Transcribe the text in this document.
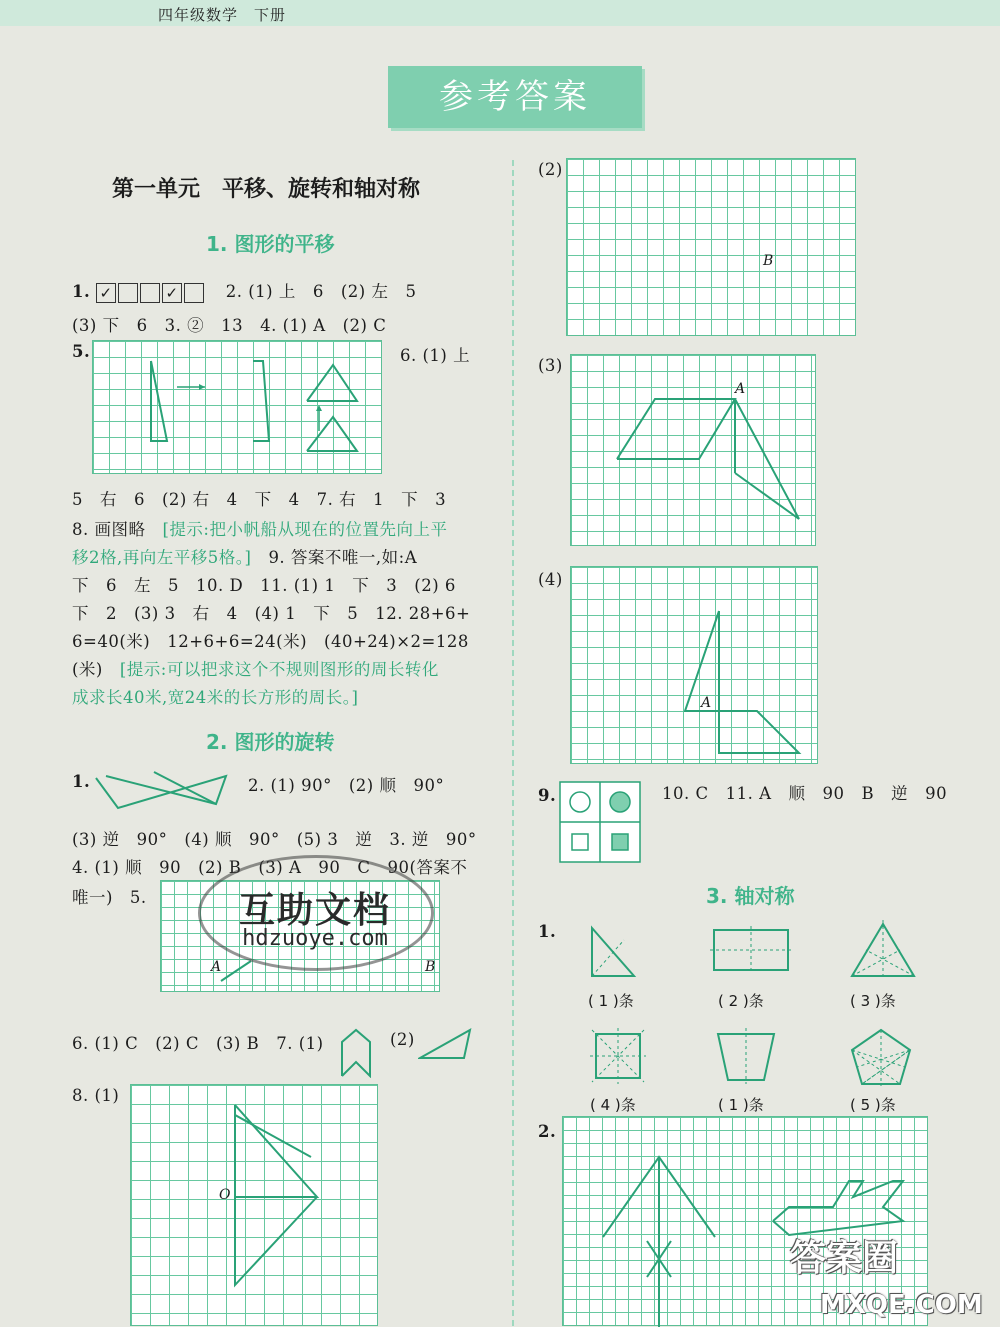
四年级数学　下册
参考答案
第一单元　平移、旋转和轴对称
1. 图形的平移
1. ✓	✓	2. (1) 上　6　(2) 左　5
(3) 下　6　3. ②　13　4. (1) A　(2) C
5.	6. (1) 上
5　右　6　(2) 右　4　下　4　7. 右　1　下　3
8. 画图略　[提示:把小帆船从现在的位置先向上平
移2格,再向左平移5格。]　9. 答案不唯一,如:A
下　6　左　5　10. D　11. (1) 1　下　3　(2) 6
下　2　(3) 3　右　4　(4) 1　下　5　12. 28+6+
6=40(米)　12+6+6=24(米)　(40+24)×2=128
(米)　[提示:可以把求这个不规则图形的周长转化
成求长40米,宽24米的长方形的周长。]
2. 图形的旋转
1.	2. (1) 90°　(2) 顺　90°
(3) 逆　90°　(4) 顺　90°　(5) 3　逆　3. 逆　90°
4. (1) 顺　90　(2) B　(3) A　90　C　90(答案不
唯一)　5.
A	B
互助文档
hdzuoye.com
6. (1) C　(2) C　(3) B　7. (1)	(2)
8. (1)
O
(2)
B
(3)
A
(4)
A
9.	10. C　11. A　顺　90　B　逆　90
3. 轴对称
1.
( 1 )条	( 2 )条	( 3 )条
( 4 )条	( 1 )条	( 5 )条
2.
答案圈
MXQE.COM
